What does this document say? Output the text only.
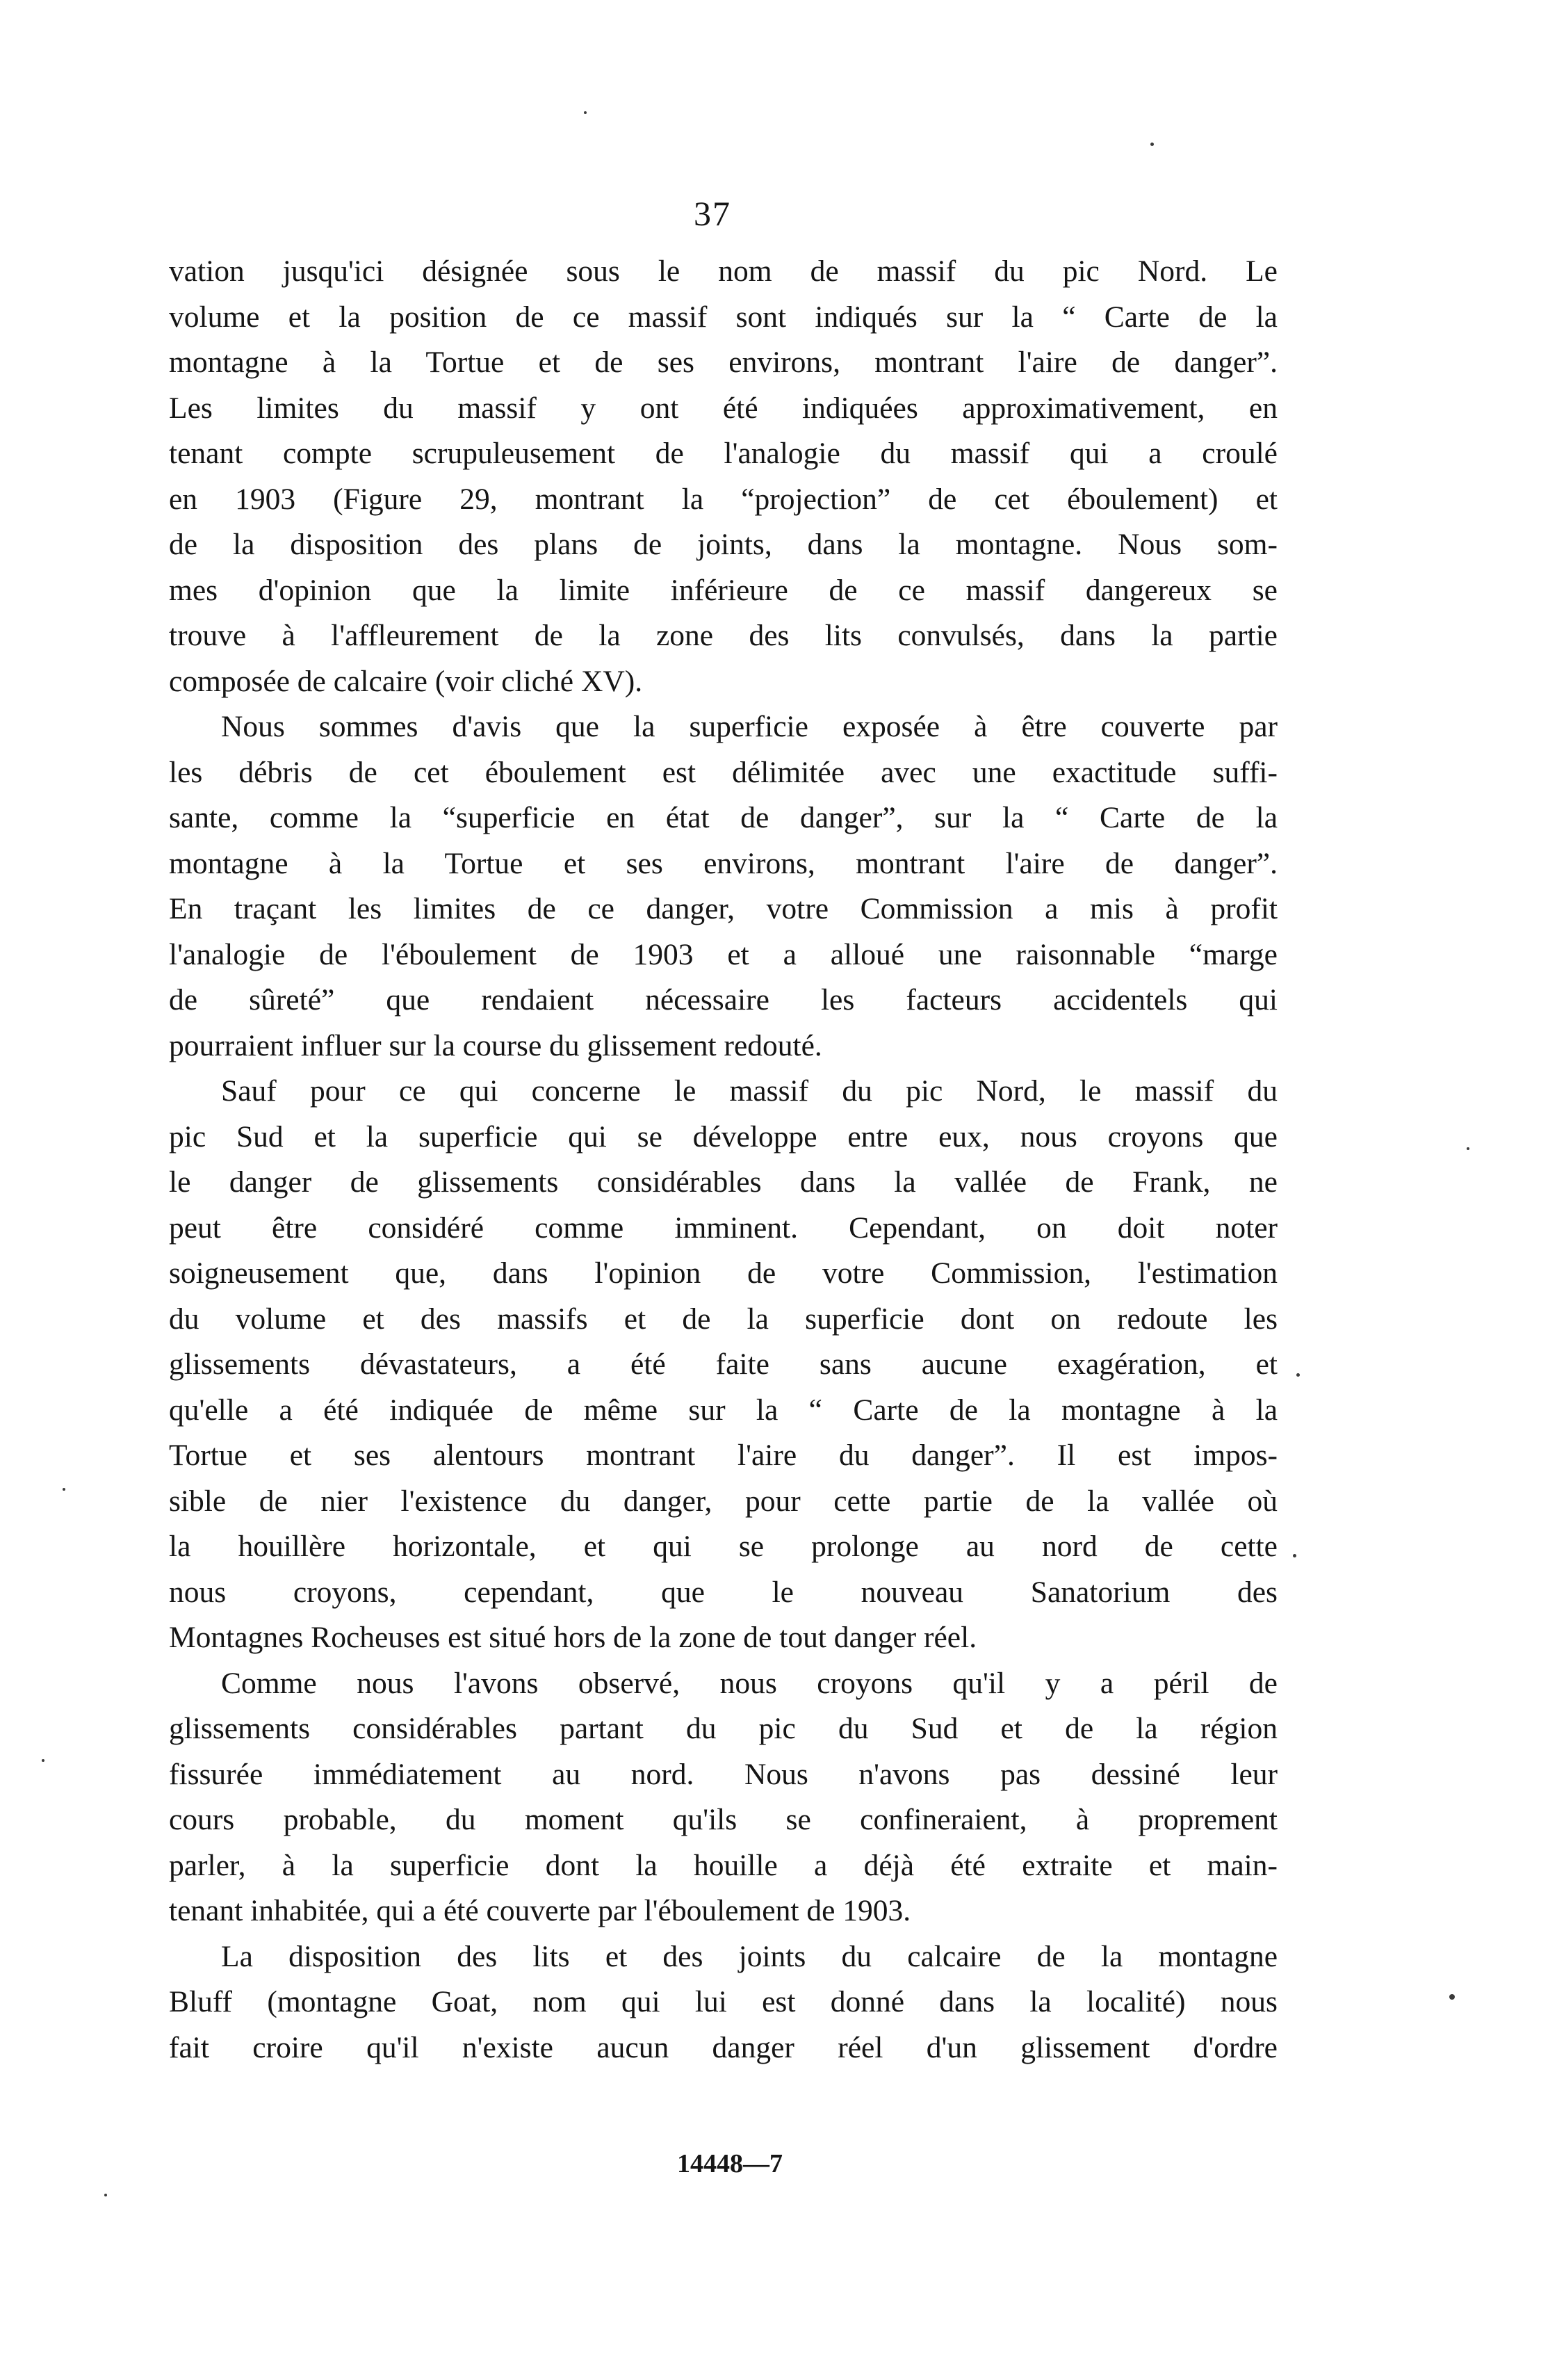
37
vation jusqu'ici désignée sous le nom de massif du pic Nord. Le
volume et la position de ce massif sont indiqués sur la “ Carte de la
montagne à la Tortue et de ses environs, montrant l'aire de danger”.
Les limites du massif y ont été indiquées approximativement, en
tenant compte scrupuleusement de l'analogie du massif qui a croulé
en 1903 (Figure 29, montrant la “projection” de cet éboulement) et
de la disposition des plans de joints, dans la montagne. Nous som-
mes d'opinion que la limite inférieure de ce massif dangereux se
trouve à l'affleurement de la zone des lits convulsés, dans la partie
composée de calcaire (voir cliché XV).
Nous sommes d'avis que la superficie exposée à être couverte par
les débris de cet éboulement est délimitée avec une exactitude suffi-
sante, comme la “superficie en état de danger”, sur la “ Carte de la
montagne à la Tortue et ses environs, montrant l'aire de danger”.
En traçant les limites de ce danger, votre Commission a mis à profit
l'analogie de l'éboulement de 1903 et a alloué une raisonnable “marge
de sûreté” que rendaient nécessaire les facteurs accidentels qui
pourraient influer sur la course du glissement redouté.
Sauf pour ce qui concerne le massif du pic Nord, le massif du
pic Sud et la superficie qui se développe entre eux, nous croyons que
le danger de glissements considérables dans la vallée de Frank, ne
peut être considéré comme imminent. Cependant, on doit noter
soigneusement que, dans l'opinion de votre Commission, l'estimation
du volume et des massifs et de la superficie dont on redoute les
glissements dévastateurs, a été faite sans aucune exagération, et
qu'elle a été indiquée de même sur la “ Carte de la montagne à la
Tortue et ses alentours montrant l'aire du danger”. Il est impos-
sible de nier l'existence du danger, pour cette partie de la vallée où
la houillère horizontale, et qui se prolonge au nord de cette
nous croyons, cependant, que le nouveau Sanatorium des
Montagnes Rocheuses est situé hors de la zone de tout danger réel.
Comme nous l'avons observé, nous croyons qu'il y a péril de
glissements considérables partant du pic du Sud et de la région
fissurée immédiatement au nord. Nous n'avons pas dessiné leur
cours probable, du moment qu'ils se confineraient, à proprement
parler, à la superficie dont la houille a déjà été extraite et main-
tenant inhabitée, qui a été couverte par l'éboulement de 1903.
La disposition des lits et des joints du calcaire de la montagne
Bluff (montagne Goat, nom qui lui est donné dans la localité) nous
fait croire qu'il n'existe aucun danger réel d'un glissement d'ordre
14448—7
